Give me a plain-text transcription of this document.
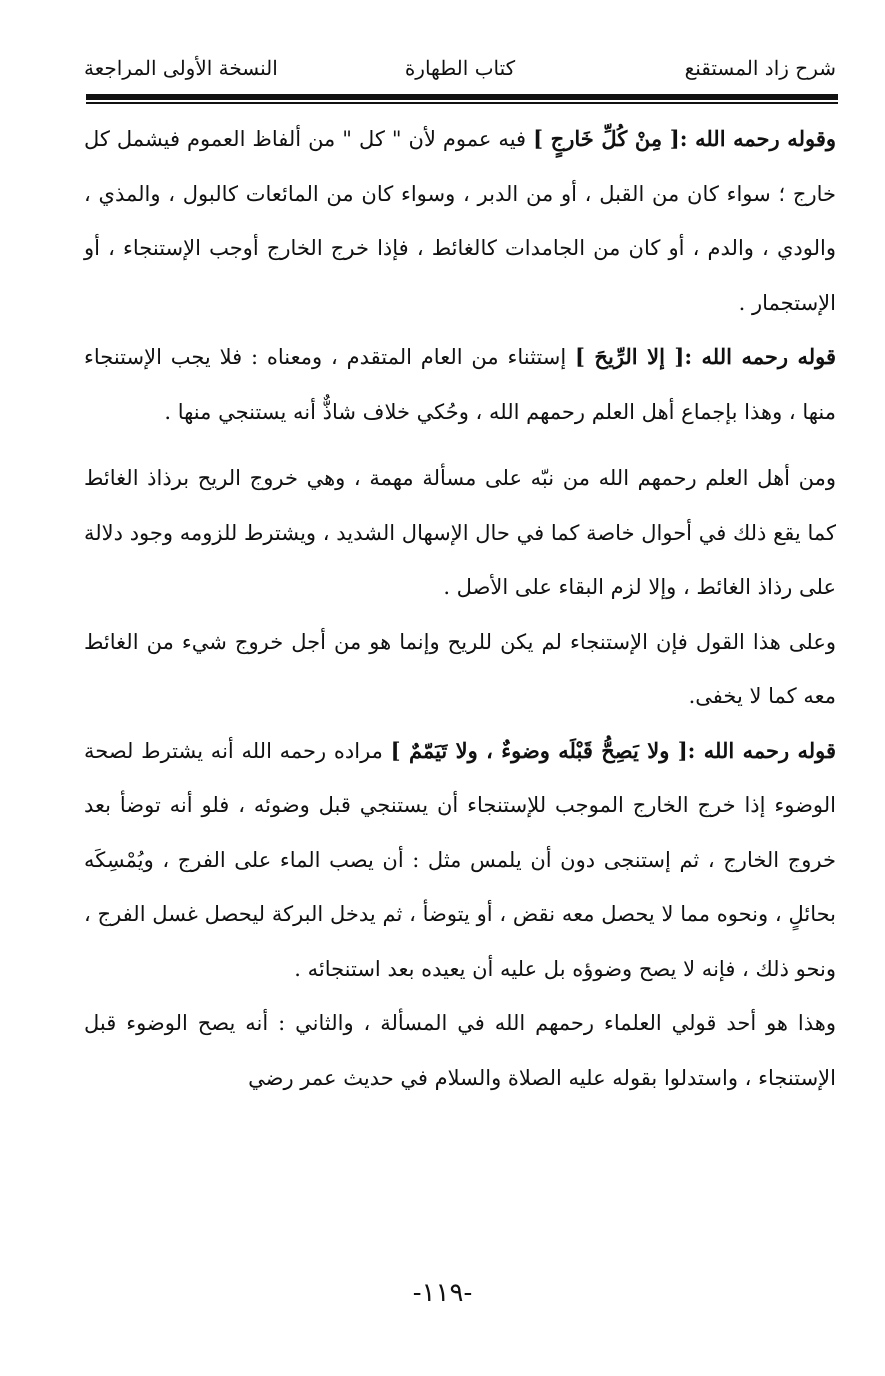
شرح زاد المستقنع
كتاب الطهارة
النسخة الأولى المراجعة

وقوله رحمه الله :[ مِنْ كُلِّ خَارجٍ ] فيه عموم لأن " كل " من ألفاظ العموم فيشمل كل خارج ؛ سواء كان من القبل ، أو من الدبر ، وسواء كان من المائعات كالبول ، والمذي ، والودي ، والدم ، أو كان من الجامدات كالغائط ، فإذا خرج الخارج أوجب الإستنجاء ، أو الإستجمار .

قوله رحمه الله :[ إلا الرِّيحَ ] إستثناء من العام المتقدم ، ومعناه : فلا يجب الإستنجاء منها ، وهذا بإجماع أهل العلم رحمهم الله ، وحُكي خلاف شاذٌّ أنه يستنجي منها .

ومن أهل العلم رحمهم الله من نبّه على مسألة مهمة ، وهي خروج الريح برذاذ الغائط كما يقع ذلك في أحوال خاصة كما في حال الإسهال الشديد ، ويشترط للزومه وجود دلالة على رذاذ الغائط ، وإلا لزم البقاء على الأصل .

وعلى هذا القول فإن الإستنجاء لم يكن للريح وإنما هو من أجل خروج شيء من الغائط معه كما لا يخفى.

قوله رحمه الله :[ ولا يَصِحُّ قَبْلَه وضوءٌ ، ولا تَيَمّمٌ ] مراده رحمه الله أنه يشترط لصحة الوضوء إذا خرج الخارج الموجب للإستنجاء أن يستنجي قبل وضوئه ، فلو أنه توضأ بعد خروج الخارج ، ثم إستنجى دون أن يلمس مثل : أن يصب الماء على الفرج ، ويُمْسِكَه بحائلٍ ، ونحوه مما لا يحصل معه نقض ، أو يتوضأ ، ثم يدخل البركة ليحصل غسل الفرج ، ونحو ذلك ، فإنه لا يصح وضوؤه بل عليه أن يعيده بعد استنجائه .

وهذا هو أحد قولي العلماء رحمهم الله في المسألة ، والثاني : أنه يصح الوضوء قبل الإستنجاء ، واستدلوا بقوله عليه الصلاة والسلام في حديث عمر رضي

-١١٩-
